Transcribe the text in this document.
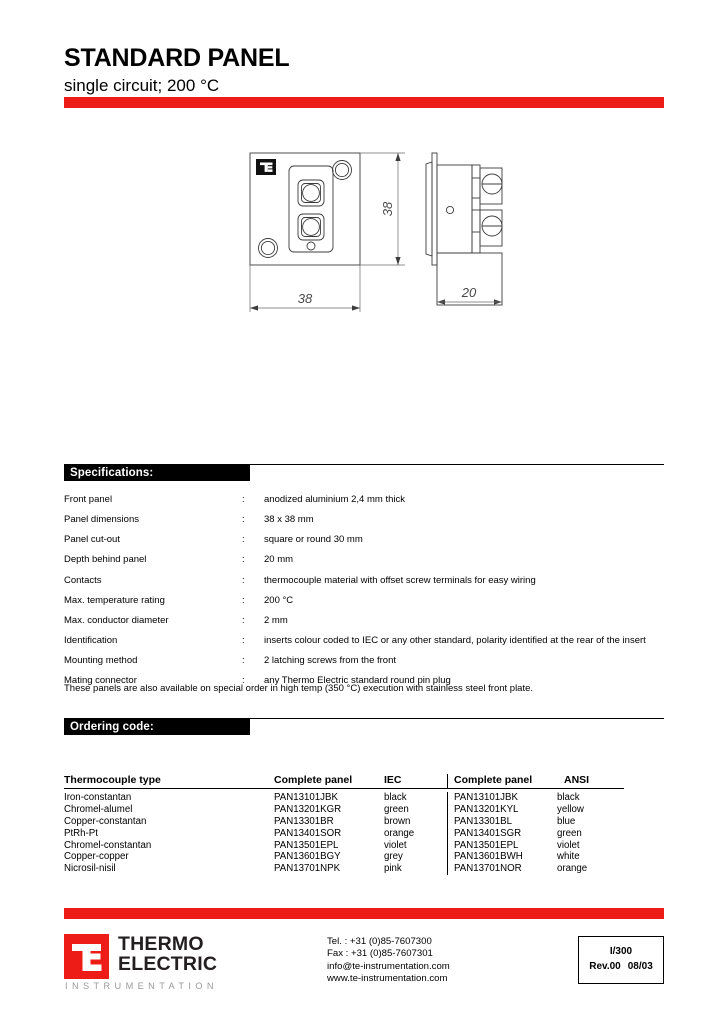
STANDARD PANEL
single circuit; 200 °C
38
38	20
Specifications:
Front panel	:	anodized aluminium 2,4 mm thick
Panel dimensions	:	38 x 38 mm
Panel cut-out	:	square or round 30 mm
Depth behind panel	:	20 mm
Contacts	:	thermocouple material with offset screw terminals for easy wiring
Max. temperature rating	:	200 °C
Max. conductor diameter	:	2 mm
Identification	:	inserts colour coded to IEC or any other standard, polarity identified at the rear of the insert
Mounting method	:	2 latching screws from the front
Mating connector	:	any Thermo Electric standard round pin plug
These panels are also available on special order in high temp (350 °C) execution with stainless steel front plate.
Ordering code:
Thermocouple type	Complete panel	IEC	Complete panel	ANSI
Iron-constantan	PAN13101JBK	black	PAN13101JBK	black
Chromel-alumel	PAN13201KGR	green	PAN13201KYL	yellow
Copper-constantan	PAN13301BR	brown	PAN13301BL	blue
PtRh-Pt	PAN13401SOR	orange	PAN13401SGR	green
Chromel-constantan	PAN13501EPL	violet	PAN13501EPL	violet
Copper-copper	PAN13601BGY	grey	PAN13601BWH	white
Nicrosil-nisil	PAN13701NPK	pink	PAN13701NOR	orange
THERMO
ELECTRIC
INSTRUMENTATION
Tel. : +31 (0)85-7607300
Fax : +31 (0)85-7607301
info@te-instrumentation.com
www.te-instrumentation.com
I/300
Rev.00 08/03
